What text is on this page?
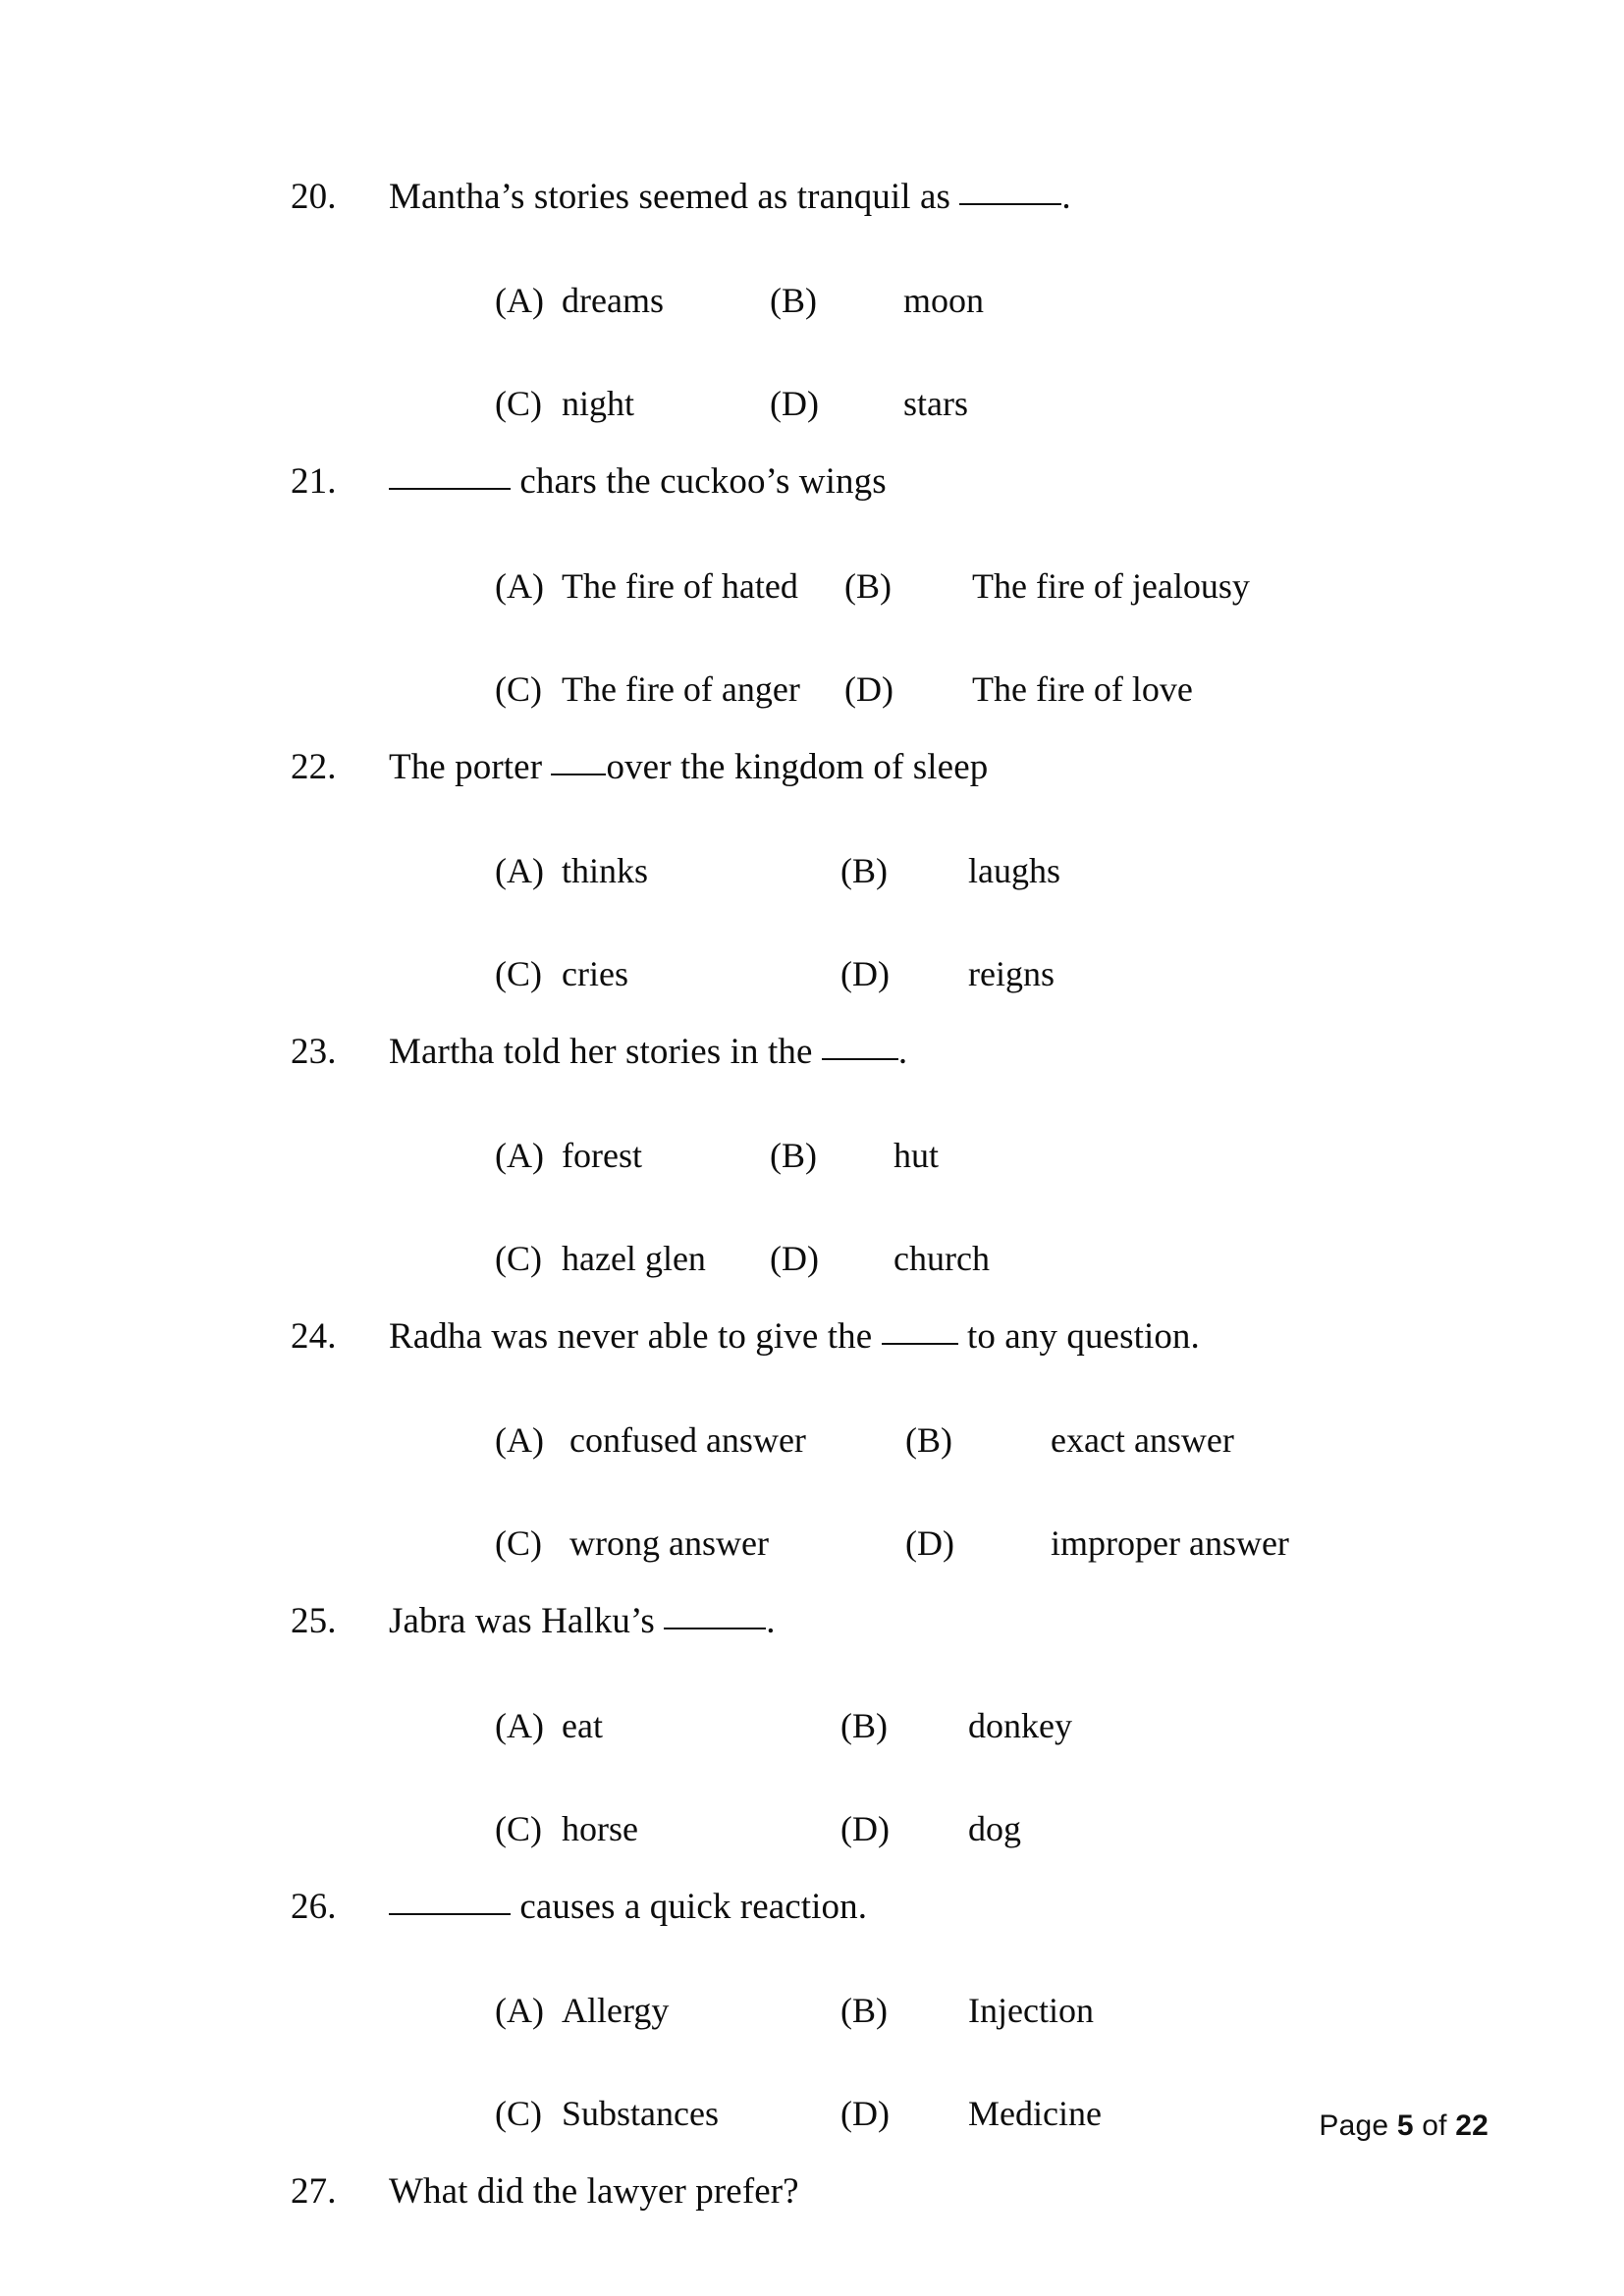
20.	Mantha’s stories seemed as tranquil as	.
(A) dreams	(B)	moon
(C) night	(D)	stars
21.	chars the cuckoo’s wings
(A) The fire of hated	(B)	The fire of jealousy
(C) The fire of anger	(D)	The fire of love
22.	The porter over the kingdom of sleep
(A) thinks	(B)	laughs
(C) cries	(D)	reigns
23.	Martha told her stories in the .
(A) forest	(B)	hut
(C) hazel glen	(D)	church
24.	Radha was never able to give the  to any question.
(A) confused answer	(B)	exact answer
(C) wrong answer	(D)	improper answer
25.	Jabra was Halku’s	.
(A) eat	(B)	donkey
(C) horse	(D)	dog
26.	causes a quick reaction.
(A) Allergy	(B)	Injection
(C) Substances	(D)	Medicine
27.	What did the lawyer prefer?

Page 5 of 22
